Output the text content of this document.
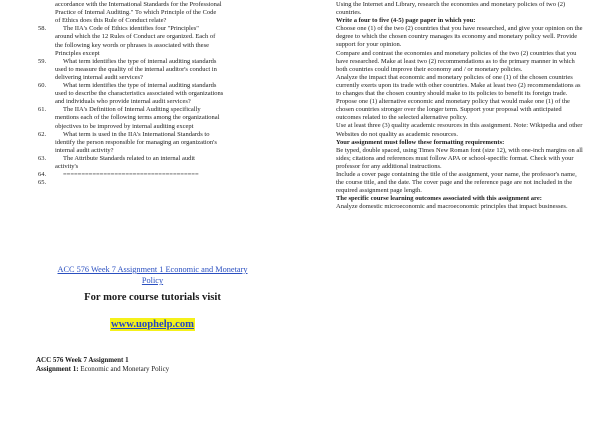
accordance with the International Standards for the Professional
Practice of Internal Auditing." To which Principle of the Code
of Ethics does this Rule of Conduct relate?
58.	The IIA's Code of Ethics identifies four "Principles"
around which the 12 Rules of Conduct are organized. Each of
the following key words or phrases is associated with these
Principles except
59.	What term identifies the type of internal auditing standards
used to measure the quality of the internal auditor's conduct in
delivering internal audit services?
60.	What term identifies the type of internal auditing standards
used to describe the characteristics associated with organizations
and individuals who provide internal audit services?
61.	The IIA's Definition of Internal Auditing specifically
mentions each of the following terms among the organizational
objectives to be improved by internal auditing except
62.	What term is used in the IIA's International Standards to
identify the person responsible for managing an organization's
internal audit activity?
63.	The Attribute Standards related to an internal audit
activity's
64.	=====================================
65.
ACC 576 Week 7 Assignment 1 Economic and Monetary
Policy
For more course tutorials visit
www.uophelp.com
ACC 576 Week 7 Assignment 1
Assignment 1: Economic and Monetary Policy

Using the Internet and Library, research the economies and monetary policies of two (2) countries.

Write a four to five (4-5) page paper in which you:

Choose one (1) of the two (2) countries that you have researched, and give your opinion on the degree to which the chosen country manages its economy and monetary policy well. Provide support for your opinion.

Compare and contrast the economies and monetary policies of the two (2) countries that you have researched. Make at least two (2) recommendations as to the primary manner in which both countries could improve their economy and / or monetary policies.

Analyze the impact that economic and monetary policies of one (1) of the chosen countries currently exerts upon its trade with other countries. Make at least two (2) recommendations as to changes that the chosen country should make to its policies to benefit its foreign trade.

Propose one (1) alternative economic and monetary policy that would make one (1) of the chosen countries stronger over the longer term. Support your proposal with anticipated outcomes related to the selected alternative policy.

Use at least three (3) quality academic resources in this assignment. Note: Wikipedia and other Websites do not quality as academic resources.

Your assignment must follow these formatting requirements:

Be typed, double spaced, using Times New Roman font (size 12), with one-inch margins on all sides; citations and references must follow APA or school-specific format. Check with your professor for any additional instructions.

Include a cover page containing the title of the assignment, your name, the professor's name, the course title, and the date. The cover page and the reference page are not included in the required assignment page length.

The specific course learning outcomes associated with this assignment are:

Analyze domestic microeconomic and macroeconomic principles that impact businesses.
